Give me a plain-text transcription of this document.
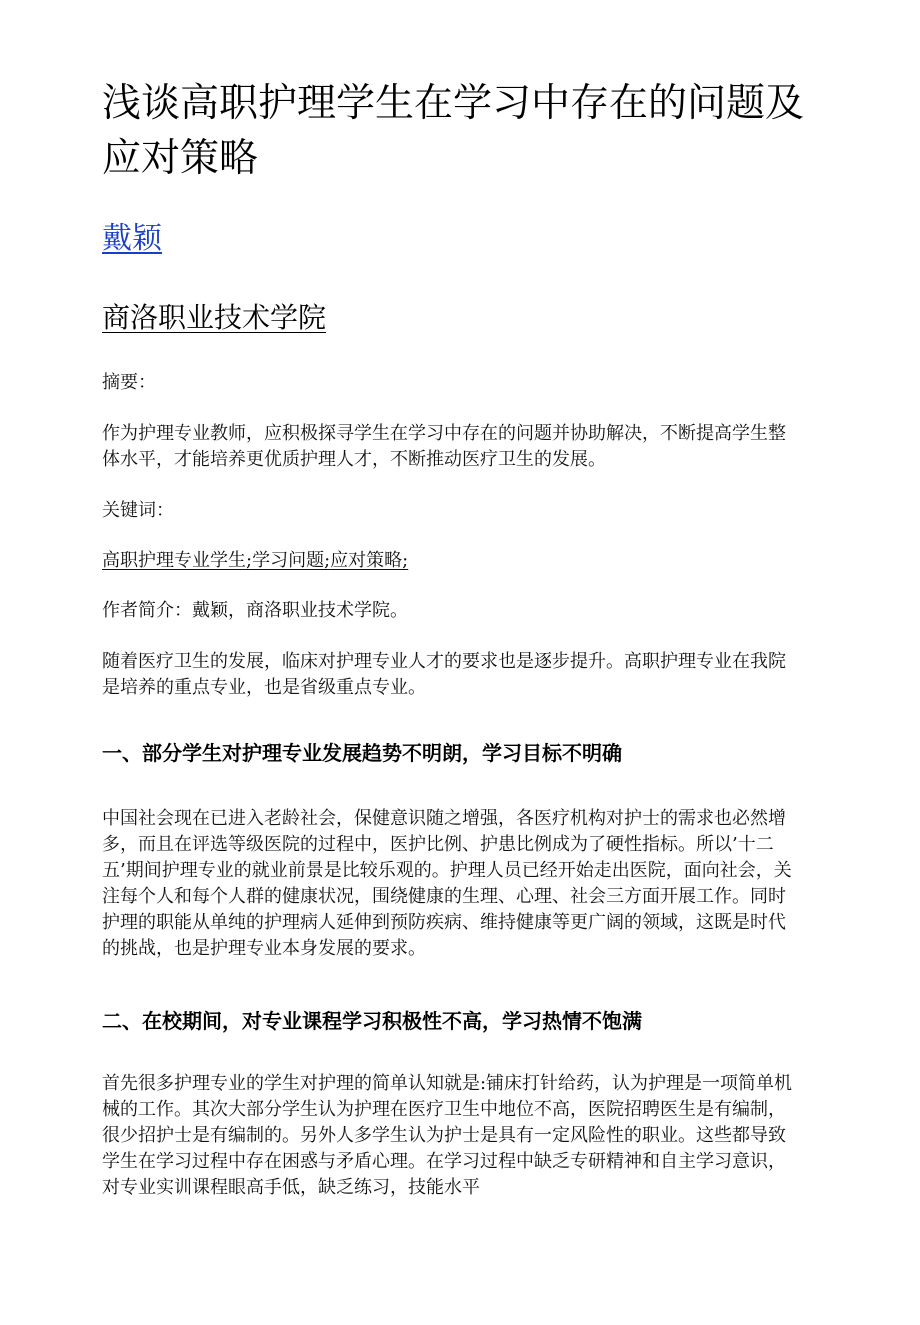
浅谈高职护理学生在学习中存在的问题及应对策略
戴颖
商洛职业技术学院

摘要：

作为护理专业教师，应积极探寻学生在学习中存在的问题并协助解决，不断提高学生整体水平，才能培养更优质护理人才，不断推动医疗卫生的发展。

关键词：

高职护理专业学生;学习问题;应对策略;

作者简介：戴颖，商洛职业技术学院。

随着医疗卫生的发展，临床对护理专业人才的要求也是逐步提升。高职护理专业在我院是培养的重点专业，也是省级重点专业。

一、部分学生对护理专业发展趋势不明朗，学习目标不明确

中国社会现在已进入老龄社会，保健意识随之增强，各医疗机构对护士的需求也必然增多，而且在评选等级医院的过程中，医护比例、护患比例成为了硬性指标。所以’十二五’期间护理专业的就业前景是比较乐观的。护理人员已经开始走出医院，面向社会，关注每个人和每个人群的健康状况，围绕健康的生理、心理、社会三方面开展工作。同时护理的职能从单纯的护理病人延伸到预防疾病、维持健康等更广阔的领域，这既是时代的挑战，也是护理专业本身发展的要求。

二、在校期间，对专业课程学习积极性不高，学习热情不饱满

首先很多护理专业的学生对护理的简单认知就是:铺床打针给药，认为护理是一项简单机械的工作。其次大部分学生认为护理在医疗卫生中地位不高，医院招聘医生是有编制，很少招护士是有编制的。另外人多学生认为护士是具有一定风险性的职业。这些都导致学生在学习过程中存在困惑与矛盾心理。在学习过程中缺乏专研精神和自主学习意识，对专业实训课程眼高手低，缺乏练习，技能水平
